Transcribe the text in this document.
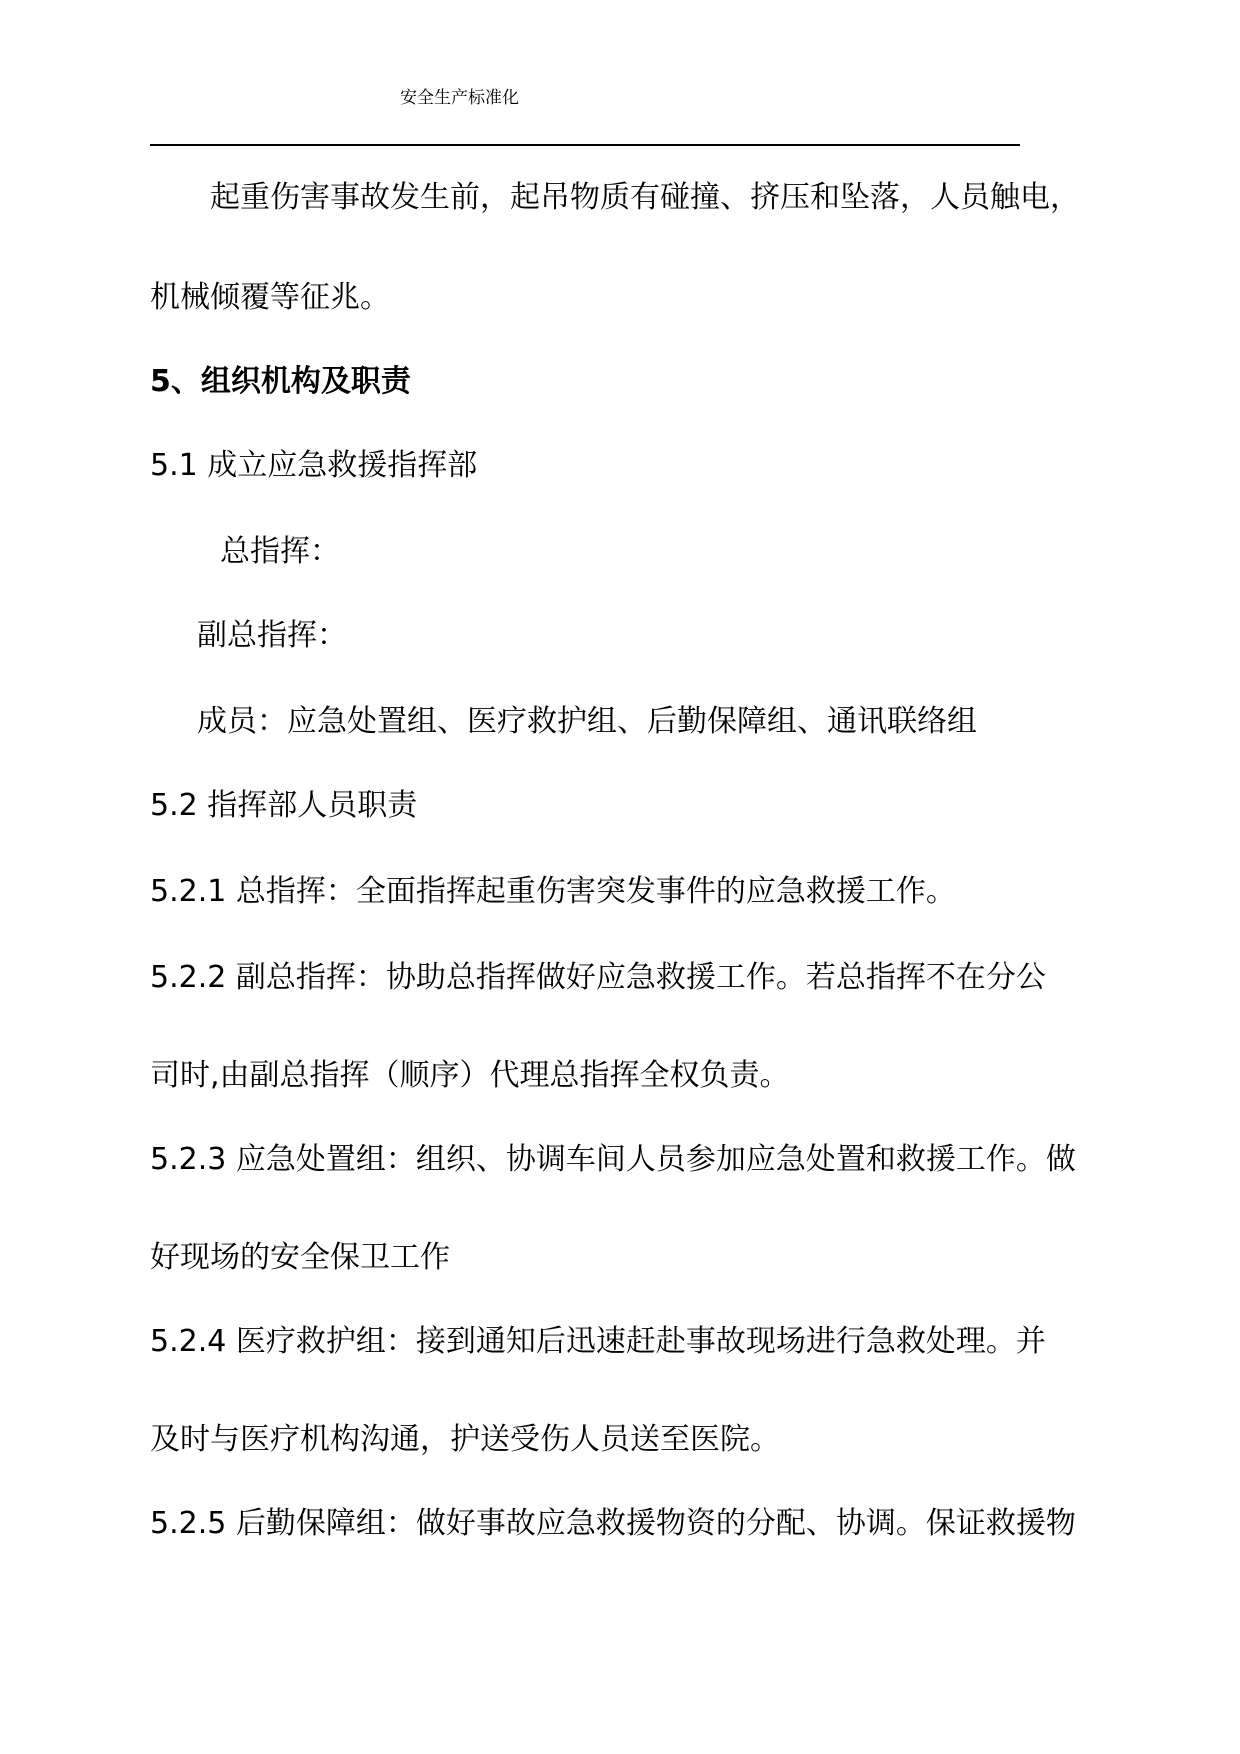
安全生产标准化
起重伤害事故发生前，起吊物质有碰撞、挤压和坠落，人员触电，
机械倾覆等征兆。
5、组织机构及职责
5.1 成立应急救援指挥部
总指挥：
副总指挥：
成员：应急处置组、医疗救护组、后勤保障组、通讯联络组
5.2 指挥部人员职责
5.2.1 总指挥：全面指挥起重伤害突发事件的应急救援工作。
5.2.2 副总指挥：协助总指挥做好应急救援工作。若总指挥不在分公
司时,由副总指挥（顺序）代理总指挥全权负责。
5.2.3 应急处置组：组织、协调车间人员参加应急处置和救援工作。做
好现场的安全保卫工作
5.2.4 医疗救护组：接到通知后迅速赶赴事故现场进行急救处理。并
及时与医疗机构沟通，护送受伤人员送至医院。
5.2.5 后勤保障组：做好事故应急救援物资的分配、协调。保证救援物
